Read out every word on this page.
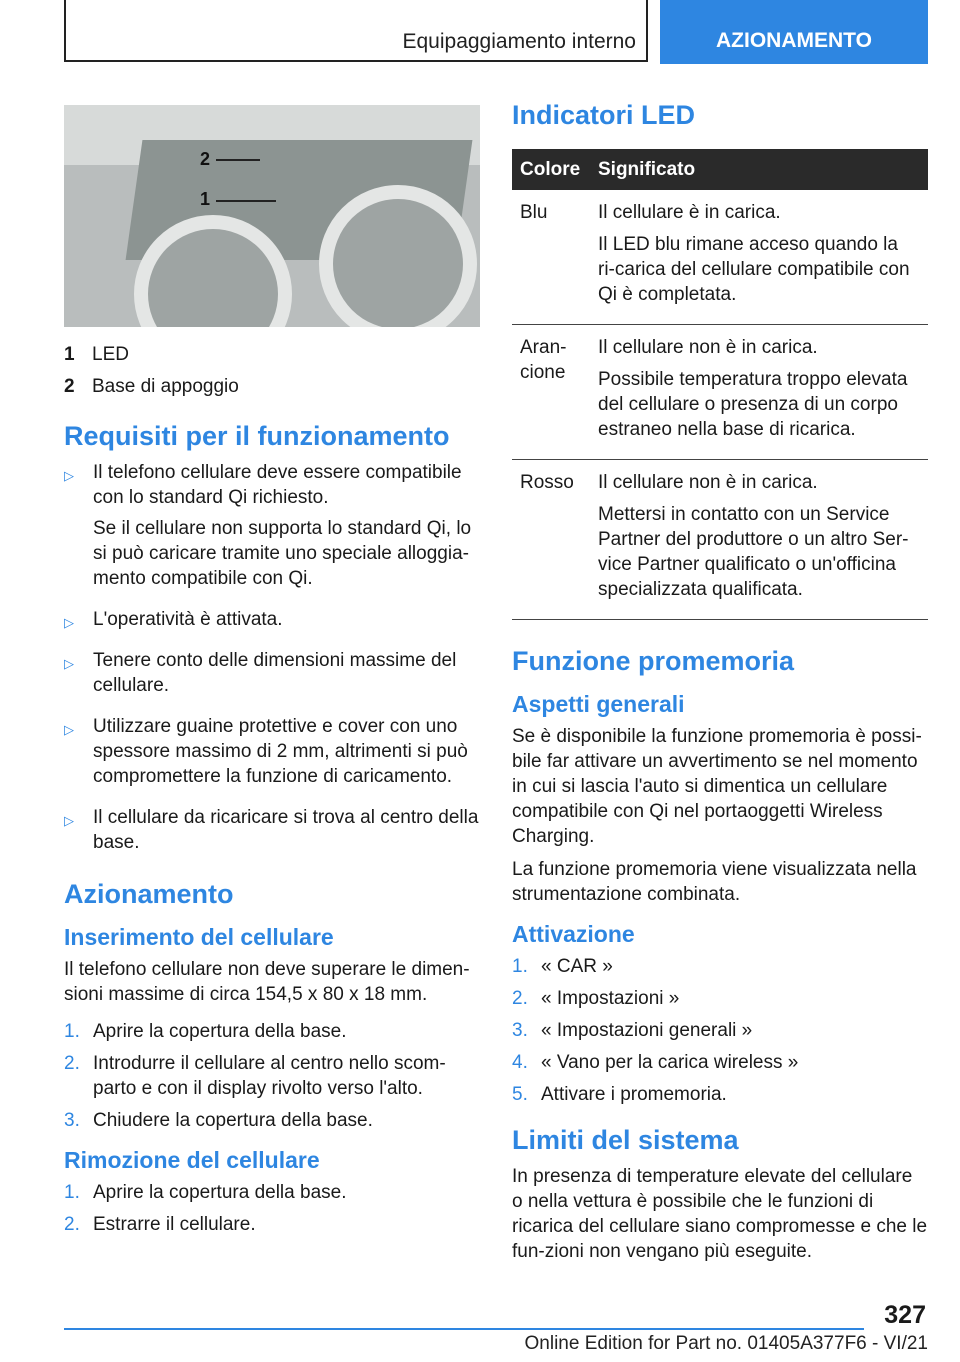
Equipaggiamento interno	AZIONAMENTO
2
1
1 LED
2 Base di appoggio
Requisiti per il funzionamento
▷	Il telefono cellulare deve essere compatibile con lo standard Qi richiesto.

Se il cellulare non supporta lo standard Qi, lo si può caricare tramite uno speciale alloggia-mento compatibile con Qi.

▷	L'operatività è attivata.

▷	Tenere conto delle dimensioni massime del cellulare.

▷	Utilizzare guaine protettive e cover con uno spessore massimo di 2 mm, altrimenti si può compromettere la funzione di caricamento.

▷	Il cellulare da ricaricare si trova al centro della base.

Azionamento
Inserimento del cellulare

Il telefono cellulare non deve superare le dimen-sioni massime di circa 154,5 x 80 x 18 mm.

1. Aprire la copertura della base.
2. Introdurre il cellulare al centro nello scom-parto e con il display rivolto verso l'alto.
3. Chiudere la copertura della base.
Rimozione del cellulare
1. Aprire la copertura della base.
2. Estrarre il cellulare.
Indicatori LED
Colore	Significato
Blu	Il cellulare è in carica.

Il LED blu rimane acceso quando la ri-carica del cellulare compatibile con Qi è completata.

Aran-cione	Il cellulare non è in carica.

Possibile temperatura troppo elevata del cellulare o presenza di un corpo estraneo nella base di ricarica.

Rosso	Il cellulare non è in carica.

Mettersi in contatto con un Service Partner del produttore o un altro Ser-vice Partner qualificato o un'officina specializzata qualificata.

Funzione promemoria
Aspetti generali

Se è disponibile la funzione promemoria è possi-bile far attivare un avvertimento se nel momento in cui si lascia l'auto si dimentica un cellulare compatibile con Qi nel portaoggetti Wireless Charging.

La funzione promemoria viene visualizzata nella strumentazione combinata.

Attivazione
1. « CAR »
2. « Impostazioni »
3. « Impostazioni generali »
4. « Vano per la carica wireless »
5. Attivare i promemoria.
Limiti del sistema

In presenza di temperature elevate del cellulare o nella vettura è possibile che le funzioni di ricarica del cellulare siano compromesse e che le fun-zioni non vengano più eseguite.

327
Online Edition for Part no. 01405A377F6 - VI/21
